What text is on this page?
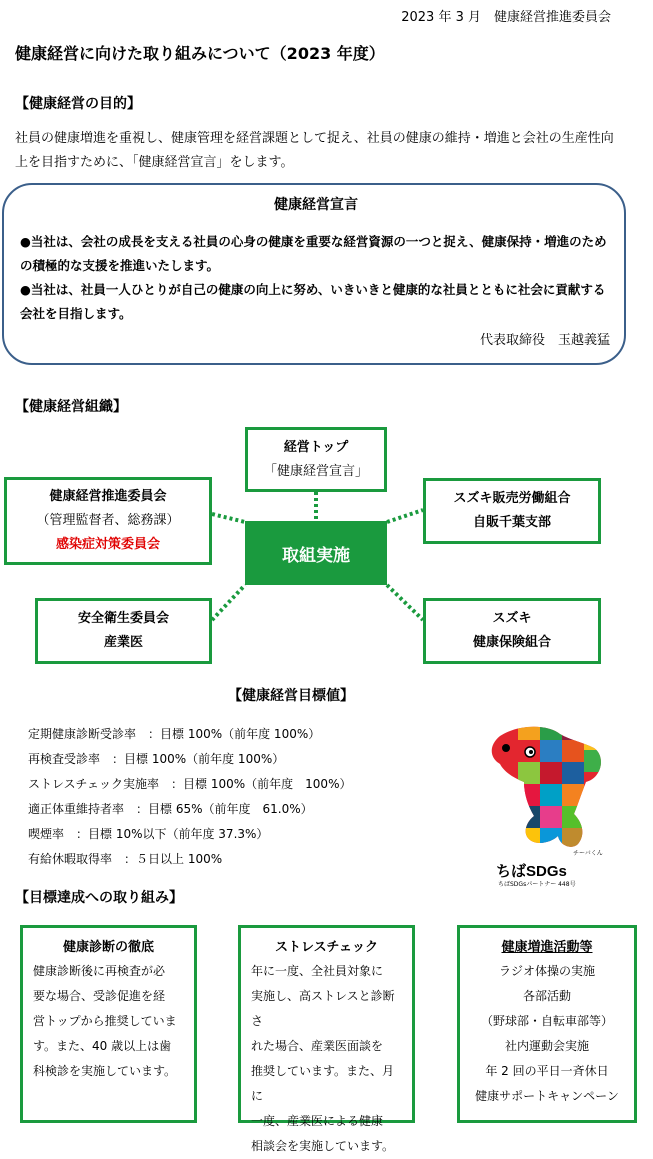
2023 年 3 月　健康経営推進委員会
健康経営に向けた取り組みについて（2023 年度）
【健康経営の目的】
社員の健康増進を重視し、健康管理を経営課題として捉え、社員の健康の維持・増進と会社の生産性向上を目指すために、「健康経営宣言」をします。
健康経営宣言
●当社は、会社の成長を支える社員の心身の健康を重要な経営資源の一つと捉え、健康保持・増進のための積極的な支援を推進いたします。
●当社は、社員一人ひとりが自己の健康の向上に努め、いきいきと健康的な社員とともに社会に貢献する会社を目指します。
代表取締役　玉越義猛
【健康経営組織】
経営トップ
「健康経営宣言」
健康経営推進委員会
（管理監督者、総務課）
感染症対策委員会
スズキ販売労働組合
自販千葉支部
取組実施
安全衛生委員会
産業医
スズキ
健康保険組合
【健康経営目標値】
定期健康診断受診率　：目標 100%（前年度 100%）
再検査受診率　：目標 100%（前年度 100%）
ストレスチェック実施率　：目標 100%（前年度　100%）
適正体重維持者率　：目標 65%（前年度　61.0%）
喫煙率　：目標 10%以下（前年度 37.3%）
有給休暇取得率　：５日以上 100%
ちばSDGs
ちばSDGsパートナー 448号
チーバくん
【目標達成への取り組み】
健康診断の徹底
健康診断後に再検査が必
要な場合、受診促進を経
営トップから推奨していま
す。また、40 歳以上は歯
科検診を実施しています。
ストレスチェック
年に一度、全社員対象に
実施し、高ストレスと診断さ
れた場合、産業医面談を
推奨しています。また、月に
一度、産業医による健康
相談会を実施しています。
健康増進活動等
ラジオ体操の実施
各部活動
（野球部・自転車部等）
社内運動会実施
年 2 回の平日一斉休日
健康サポートキャンペーン
